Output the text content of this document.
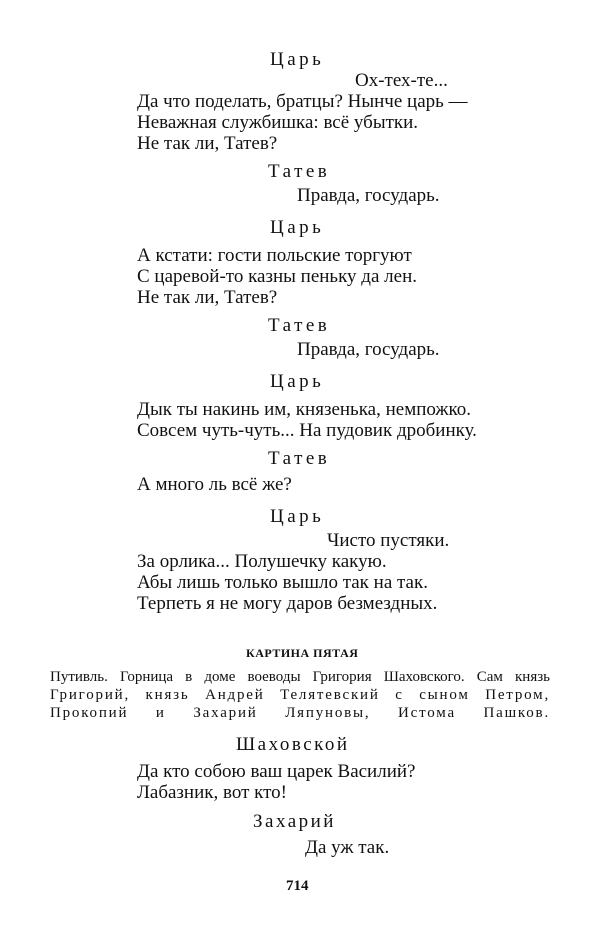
Царь
Ох-тех-те...
Да что поделать, братцы? Нынче царь —
Неважная службишка: всё убытки.
Не так ли, Татев?
Татев
Правда, государь.
Царь
А кстати: гости польские торгуют
С царевой-то казны пеньку да лен.
Не так ли, Татев?
Татев
Правда, государь.
Царь
Дык ты накинь им, князенька, немпожко.
Совсем чуть-чуть... На пудовик дробинку.
Татев
А много ль всё же?
Царь
Чисто пустяки.
За орлика... Полушечку какую.
Абы лишь только вышло так на так.
Терпеть я не могу даров безмездных.
КАРТИНА ПЯТАЯ
Путивль. Горница в доме воеводы Григория Шаховского. Сам князь
Григорий, князь Андрей Телятевский с сыном Петром,
Прокопий и Захарий Ляпуновы, Истома Пашков.
Шаховской
Да кто собою ваш царек Василий?
Лабазник, вот кто!
Захарий
Да уж так.
714
